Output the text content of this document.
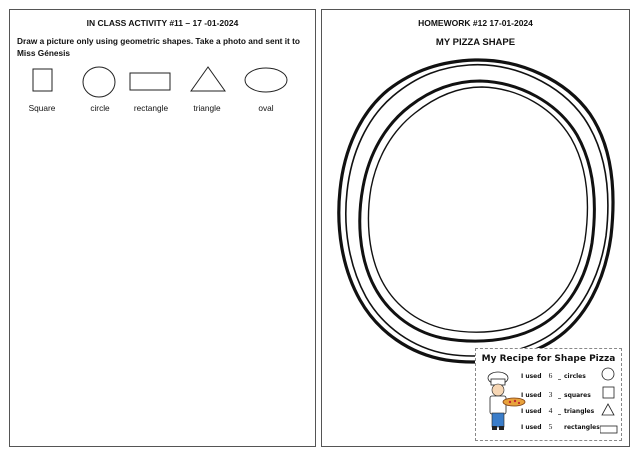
IN CLASS ACTIVITY #11 – 17 -01-2024
Draw a picture only using geometric shapes. Take a photo and sent it to Miss Génesis
Square	circle	rectangle	triangle	oval
HOMEWORK #12 17-01-2024
MY PIZZA SHAPE
My Recipe for Shape Pizza
I used 6 _ circles
I used 3 _ squares
I used 4 _ triangles
I used 5 rectangles
